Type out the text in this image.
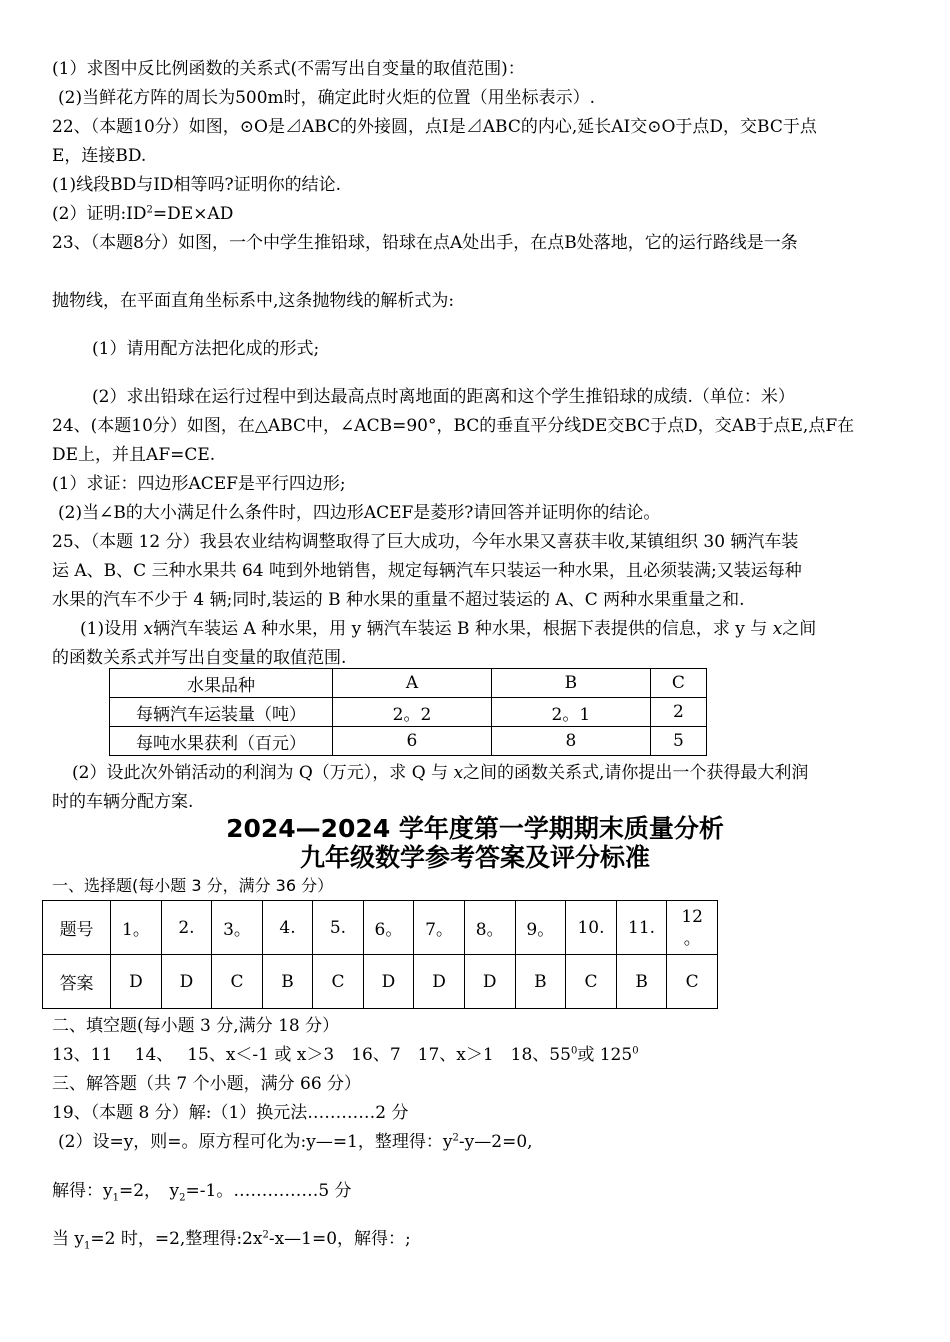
(1）求图中反比例函数的关系式(不需写出自变量的取值范围)：
(2)当鲜花方阵的周长为500m时，确定此时火炬的位置（用坐标表示）.
22、（本题10分）如图，⊙O是⊿ABC的外接圆，点I是⊿ABC的内心,延长AI交⊙O于点D，交BC于点
E，连接BD.
(1)线段BD与ID相等吗?证明你的结论.
(2）证明$:ID^2=DE\times AD$
23、（本题8分）如图，一个中学生推铅球，铅球在点A处出手，在点B处落地，它的运行路线是一条
抛物线，在平面直角坐标系中,这条抛物线的解析式为:
(1）请用配方法把化成的形式;
(2）求出铅球在运行过程中到达最高点时离地面的距离和这个学生推铅球的成绩.（单位：米）
24、(本题10分）如图，在△ABC中，∠ACB=90°，BC的垂直平分线DE交BC于点D，交AB于点E,点F在
DE上，并且AF=CE.
(1）求证：四边形ACEF是平行四边形;
(2)当∠B的大小满足什么条件时，四边形ACEF是菱形?请回答并证明你的结论。
25、（本题 12 分）我县农业结构调整取得了巨大成功，今年水果又喜获丰收,某镇组织 30 辆汽车装
运 A、B、C 三种水果共 64 吨到外地销售，规定每辆汽车只装运一种水果，且必须装满;又装运每种
水果的汽车不少于 4 辆;同时,装运的 B 种水果的重量不超过装运的 A、C 两种水果重量之和.
(1)设用 x辆汽车装运 A 种水果，用 y 辆汽车装运 B 种水果，根据下表提供的信息，求 y 与 x之间
的函数关系式并写出自变量的取值范围.
水果品种	A	B	C
每辆汽车运装量（吨）	2。2	2。1	2
每吨水果获利（百元）	6	8	5
(2）设此次外销活动的利润为 Q（万元），求 Q 与 x之间的函数关系式,请你提出一个获得最大利润
时的车辆分配方案.
2024—2024 学年度第一学期期末质量分析
九年级数学参考答案及评分标准
一、选择题(每小题 3 分，满分 36 分）
题号	1。	2.	3。	4.	5.	6。	7。	8。	9。	10.	11.	12
。

答案	D	D	C	B	C	D	D	D	B	C	B	C
二、填空题(每小题 3 分,满分 18 分）
13、11　 14、　 15、x＜-1 或 x＞3　16、7　17、x＞1　18、$55^0$或 $125^0$
三、解答题（共 7 个小题，满分 66 分）
19、（本题 8 分）解:（1）换元法…………2 分
(2）设=y，则=。原方程可化为:y—=1，整理得：$y^2-y—2=0$,
解得：$y_1=2$，　$y_2=-1$。……………5 分
当 $y_1=2$ 时，=2,整理得$:2x^2-x—1=0$，解得：;
